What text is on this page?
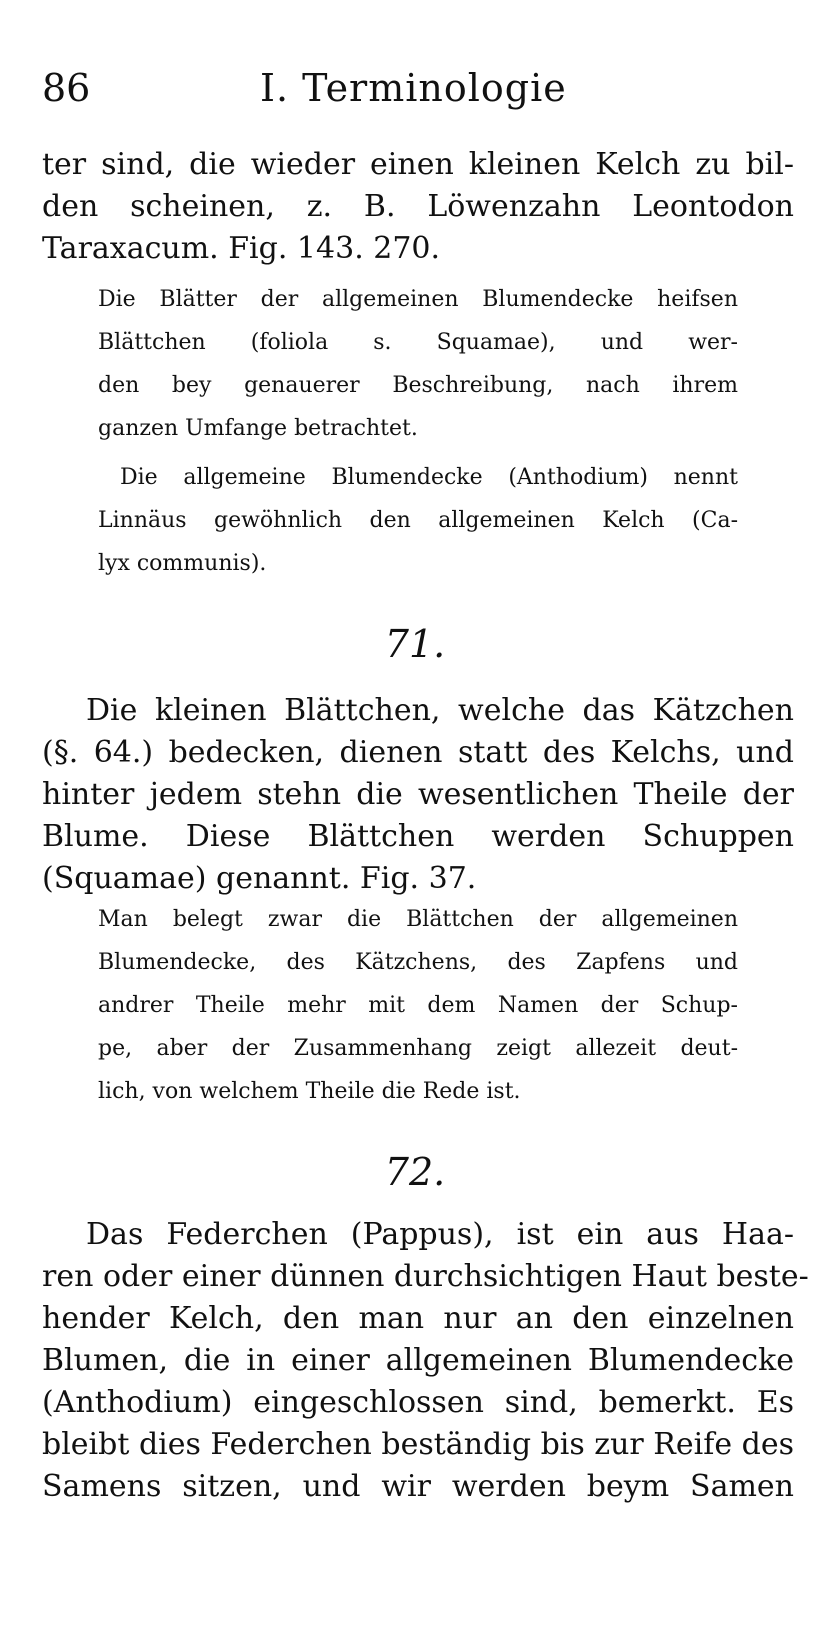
86	I. Terminologie
ter sind, die wieder einen kleinen Kelch zu bil-
den scheinen, z. B. Löwenzahn Leontodon
Taraxacum. Fig. 143. 270.
Die Blätter der allgemeinen Blumendecke heifsen
Blättchen (foliola s. Squamae), und wer-
den bey genauerer Beschreibung, nach ihrem
ganzen Umfange betrachtet.
Die allgemeine Blumendecke (Anthodium) nennt
Linnäus gewöhnlich den allgemeinen Kelch (Ca-
lyx communis).
71.
Die kleinen Blättchen, welche das Kätzchen
(§. 64.) bedecken, dienen statt des Kelchs, und
hinter jedem stehn die wesentlichen Theile der
Blume. Diese Blättchen werden Schuppen
(Squamae) genannt. Fig. 37.
Man belegt zwar die Blättchen der allgemeinen
Blumendecke, des Kätzchens, des Zapfens und
andrer Theile mehr mit dem Namen der Schup-
pe, aber der Zusammenhang zeigt allezeit deut-
lich, von welchem Theile die Rede ist.
72.
Das Federchen (Pappus), ist ein aus Haa-
ren oder einer dünnen durchsichtigen Haut beste-
hender Kelch, den man nur an den einzelnen
Blumen, die in einer allgemeinen Blumendecke
(Anthodium) eingeschlossen sind, bemerkt. Es
bleibt dies Federchen beständig bis zur Reife des
Samens sitzen, und wir werden beym Samen
